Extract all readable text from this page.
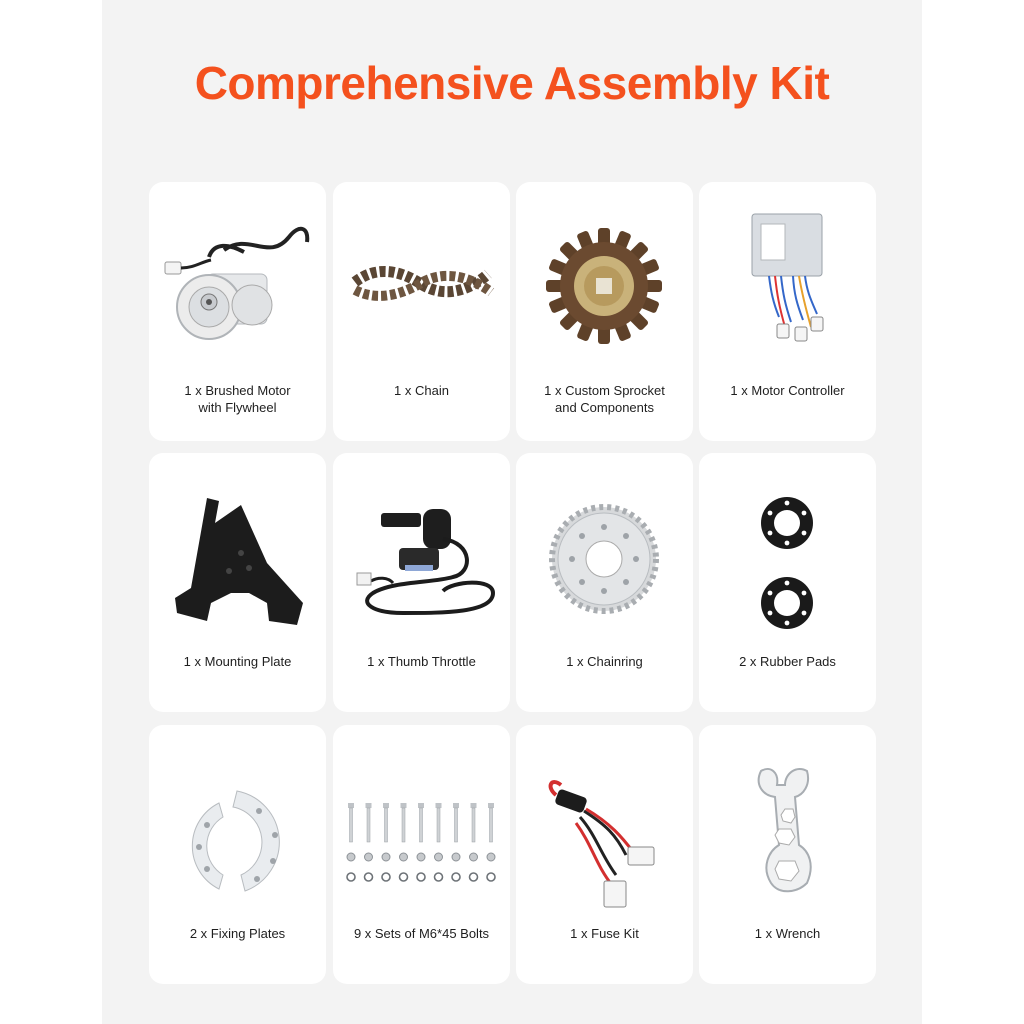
Comprehensive Assembly Kit
1 x Brushed Motor
with Flywheel
1 x Chain	1 x Custom Sprocket
and Components
1 x Motor Controller
1 x Mounting Plate	1 x Thumb Throttle	1 x Chainring	2 x Rubber Pads
2 x Fixing Plates	9 x Sets of M6*45 Bolts	1 x Fuse Kit	1 x Wrench
